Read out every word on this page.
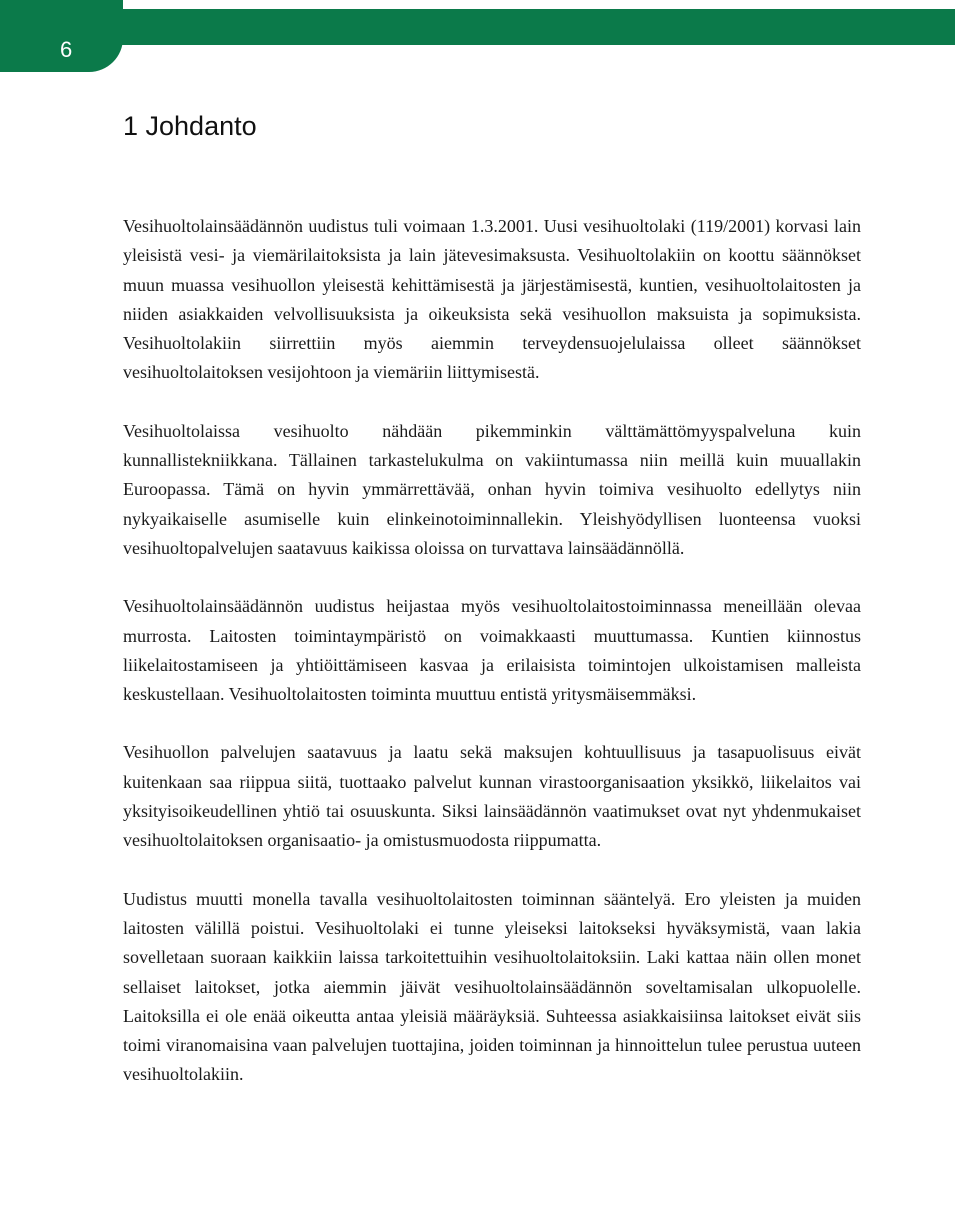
6
1 Johdanto

Vesihuoltolainsäädännön uudistus tuli voimaan 1.3.2001. Uusi vesihuoltolaki (119/2001) korvasi lain yleisistä vesi- ja viemärilaitoksista ja lain jätevesimaksusta. Vesihuoltolakiin on koottu säännökset muun muassa vesihuollon yleisestä kehittämisestä ja järjestämisestä, kuntien, vesihuoltolaitosten ja niiden asiakkaiden velvollisuuksista ja oikeuksista sekä vesihuollon maksuista ja sopimuksista. Vesihuoltolakiin siirrettiin myös aiemmin terveydensuojelulaissa olleet säännökset vesihuoltolaitoksen vesijohtoon ja viemäriin liittymisestä.

Vesihuoltolaissa vesihuolto nähdään pikemminkin välttämättömyyspalveluna kuin kunnallistekniikkana. Tällainen tarkastelukulma on vakiintumassa niin meillä kuin muuallakin Euroopassa. Tämä on hyvin ymmärrettävää, onhan hyvin toimiva vesihuolto edellytys niin nykyaikaiselle asumiselle kuin elinkeinotoiminnallekin. Yleishyödyllisen luonteensa vuoksi vesihuoltopalvelujen saatavuus kaikissa oloissa on turvattava lainsäädännöllä.

Vesihuoltolainsäädännön uudistus heijastaa myös vesihuoltolaitostoiminnassa meneillään olevaa murrosta. Laitosten toimintaympäristö on voimakkaasti muuttumassa. Kuntien kiinnostus liikelaitostamiseen ja yhtiöittämiseen kasvaa ja erilaisista toimintojen ulkoistamisen malleista keskustellaan. Vesihuoltolaitosten toiminta muuttuu entistä yritysmäisemmäksi.

Vesihuollon palvelujen saatavuus ja laatu sekä maksujen kohtuullisuus ja tasapuolisuus eivät kuitenkaan saa riippua siitä, tuottaako palvelut kunnan virastoorganisaation yksikkö, liikelaitos vai yksityisoikeudellinen yhtiö tai osuuskunta. Siksi lainsäädännön vaatimukset ovat nyt yhdenmukaiset vesihuoltolaitoksen organisaatio- ja omistusmuodosta riippumatta.

Uudistus muutti monella tavalla vesihuoltolaitosten toiminnan sääntelyä. Ero yleisten ja muiden laitosten välillä poistui. Vesihuoltolaki ei tunne yleiseksi laitokseksi hyväksymistä, vaan lakia sovelletaan suoraan kaikkiin laissa tarkoitettuihin vesihuoltolaitoksiin. Laki kattaa näin ollen monet sellaiset laitokset, jotka aiemmin jäivät vesihuoltolainsäädännön soveltamisalan ulkopuolelle. Laitoksilla ei ole enää oikeutta antaa yleisiä määräyksiä. Suhteessa asiakkaisiinsa laitokset eivät siis toimi viranomaisina vaan palvelujen tuottajina, joiden toiminnan ja hinnoittelun tulee perustua uuteen vesihuoltolakiin.
